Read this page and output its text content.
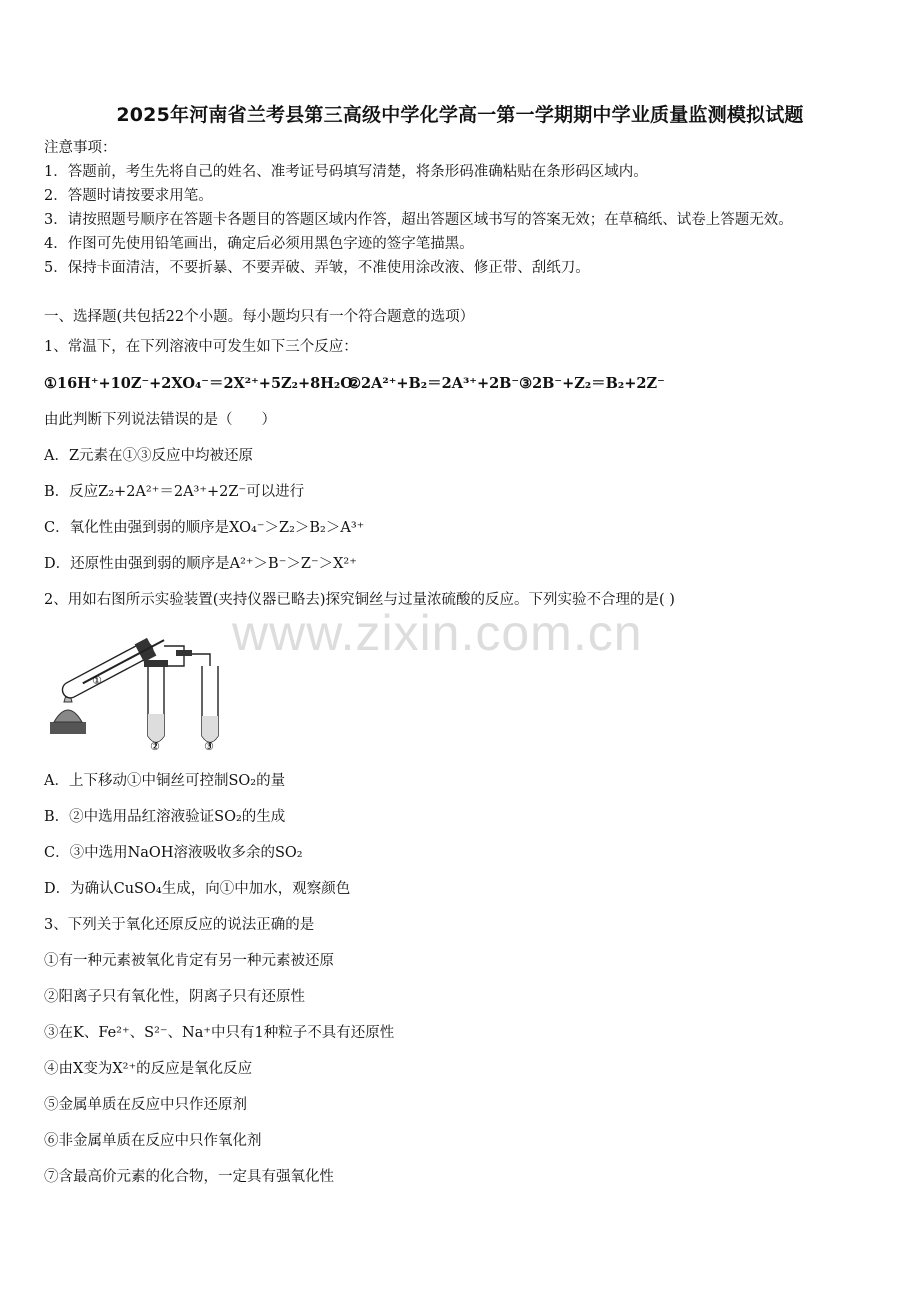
2025年河南省兰考县第三高级中学化学高一第一学期期中学业质量监测模拟试题
注意事项：
1．答题前，考生先将自己的姓名、准考证号码填写清楚，将条形码准确粘贴在条形码区域内。
2．答题时请按要求用笔。
3．请按照题号顺序在答题卡各题目的答题区域内作答，超出答题区域书写的答案无效；在草稿纸、试卷上答题无效。
4．作图可先使用铅笔画出，确定后必须用黑色字迹的签字笔描黑。
5．保持卡面清洁，不要折暴、不要弄破、弄皱，不准使用涂改液、修正带、刮纸刀。
一、选择题(共包括22个小题。每小题均只有一个符合题意的选项）
1、常温下，在下列溶液中可发生如下三个反应：
①16H⁺+10Z⁻+2XO₄⁻＝2X²⁺+5Z₂+8H₂O
②2A²⁺+B₂＝2A³⁺+2B⁻③2B⁻+Z₂＝B₂+2Z⁻
由此判断下列说法错误的是（　　）
A．Z元素在①③反应中均被还原
B．反应Z₂+2A²⁺＝2A³⁺+2Z⁻可以进行
C．氧化性由强到弱的顺序是XO₄⁻＞Z₂＞B₂＞A³⁺
D．还原性由强到弱的顺序是A²⁺＞B⁻＞Z⁻＞X²⁺
2、用如右图所示实验装置(夹持仪器已略去)探究铜丝与过量浓硫酸的反应。下列实验不合理的是( )
www.zixin.com.cn
①
②	③
A．上下移动①中铜丝可控制SO₂的量
B．②中选用品红溶液验证SO₂的生成
C．③中选用NaOH溶液吸收多余的SO₂
D．为确认CuSO₄生成，向①中加水，观察颜色
3、下列关于氧化还原反应的说法正确的是
①有一种元素被氧化肯定有另一种元素被还原
②阳离子只有氧化性，阴离子只有还原性
③在K、Fe²⁺、S²⁻、Na⁺中只有1种粒子不具有还原性
④由X变为X²⁺的反应是氧化反应
⑤金属单质在反应中只作还原剂
⑥非金属单质在反应中只作氧化剂
⑦含最高价元素的化合物，一定具有强氧化性
